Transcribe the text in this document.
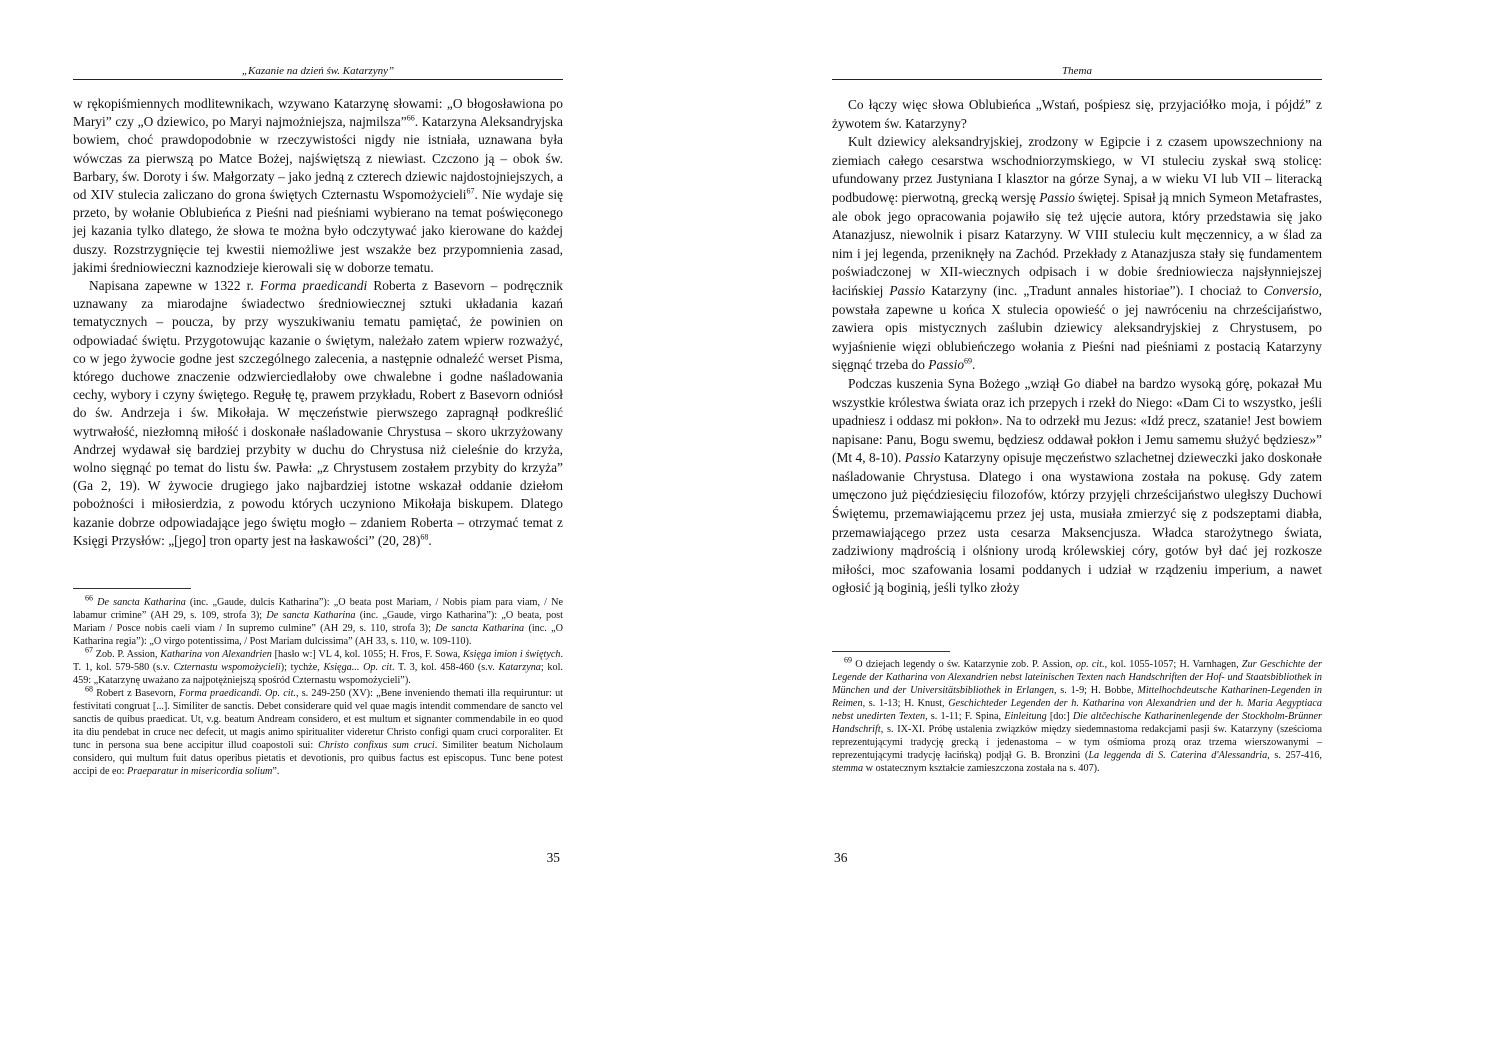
„Kazanie na dzień św. Katarzyny”

w rękopiśmiennych modlitewnikach, wzywano Katarzynę słowami: „O błogosławiona po Maryi” czy „O dziewico, po Maryi najmożniejsza, najmilsza”$^{66}$. Katarzyna Aleksandryjska bowiem, choć prawdopodobnie w rzeczywistości nigdy nie istniała, uznawana była wówczas za pierwszą po Matce Bożej, najświętszą z niewiast. Czczono ją – obok św. Barbary, św. Doroty i św. Małgorzaty – jako jedną z czterech dziewic najdostojniejszych, a od XIV stulecia zaliczano do grona świętych Czternastu Wspomożycieli$^{67}$. Nie wydaje się przeto, by wołanie Oblubieńca z Pieśni nad pieśniami wybierano na temat poświęconego jej kazania tylko dlatego, że słowa te można było odczytywać jako kierowane do każdej duszy. Rozstrzygnięcie tej kwestii niemożliwe jest wszakże bez przypomnienia zasad, jakimi średniowieczni kaznodzieje kierowali się w doborze tematu.

Napisana zapewne w 1322 r. Forma praedicandi Roberta z Basevorn – podręcznik uznawany za miarodajne świadectwo średniowiecznej sztuki układania kazań tematycznych – poucza, by przy wyszukiwaniu tematu pamiętać, że powinien on odpowiadać świętu. Przygotowując kazanie o świętym, należało zatem wpierw rozważyć, co w jego żywocie godne jest szczególnego zalecenia, a następnie odnaleźć werset Pisma, którego duchowe znaczenie odzwierciedlałoby owe chwalebne i godne naśladowania cechy, wybory i czyny świętego. Regułę tę, prawem przykładu, Robert z Basevorn odniósł do św. Andrzeja i św. Mikołaja. W męczeństwie pierwszego zapragnął podkreślić wytrwałość, niezłomną miłość i doskonałe naśladowanie Chrystusa – skoro ukrzyżowany Andrzej wydawał się bardziej przybity w duchu do Chrystusa niż cieleśnie do krzyża, wolno sięgnąć po temat do listu św. Pawła: „z Chrystusem zostałem przybity do krzyża” (Ga 2, 19). W żywocie drugiego jako najbardziej istotne wskazał oddanie dziełom pobożności i miłosierdzia, z powodu których uczyniono Mikołaja biskupem. Dlatego kazanie dobrze odpowiadające jego świętu mogło – zdaniem Roberta – otrzymać temat z Księgi Przysłów: „[jego] tron oparty jest na łaskawości” (20, 28)$^{68}$.

$^{66}$ De sancta Katharina (inc. „Gaude, dulcis Katharina”): „O beata post Mariam, / Nobis piam para viam, / Ne labamur crimine” (AH 29, s. 109, strofa 3); De sancta Katharina (inc. „Gaude, virgo Katharina”): „O beata, post Mariam / Posce nobis caeli viam / In supremo culmine” (AH 29, s. 110, strofa 3); De sancta Katharina (inc. „O Katharina regia”): „O virgo potentissima, / Post Mariam dulcissima” (AH 33, s. 110, w. 109-110).

$^{67}$ Zob. P. Assion, Katharina von Alexandrien [hasło w:] VL 4, kol. 1055; H. Fros, F. Sowa, Księga imion i świętych. T. 1, kol. 579-580 (s.v. Czternastu wspomożycieli); tychże, Księga... Op. cit. T. 3, kol. 458-460 (s.v. Katarzyna; kol. 459: „Katarzynę uważano za najpotężniejszą spośród Czternastu wspomożycieli”).

$^{68}$ Robert z Basevorn, Forma praedicandi. Op. cit., s. 249-250 (XV): „Bene inveniendo themati illa requiruntur: ut festivitati congruat [...]. Similiter de sanctis. Debet considerare quid vel quae magis intendit commendare de sancto vel sanctis de quibus praedicat. Ut, v.g. beatum Andream considero, et est multum et signanter commendabile in eo quod ita diu pendebat in cruce nec defecit, ut magis animo spiritualiter videretur Christo configi quam cruci corporaliter. Et tunc in persona sua bene accipitur illud coapostoli sui: Christo confixus sum cruci. Similiter beatum Nicholaum considero, qui multum fuit datus operibus pietatis et devotionis, pro quibus factus est episcopus. Tunc bene potest accipi de eo: Praeparatur in misericordia solium”.

35
Thema

Co łączy więc słowa Oblubieńca „Wstań, pośpiesz się, przyjaciółko moja, i pójdź” z żywotem św. Katarzyny?

Kult dziewicy aleksandryjskiej, zrodzony w Egipcie i z czasem upowszechniony na ziemiach całego cesarstwa wschodniorzymskiego, w VI stuleciu zyskał swą stolicę: ufundowany przez Justyniana I klasztor na górze Synaj, a w wieku VI lub VII – literacką podbudowę: pierwotną, grecką wersję Passio świętej. Spisał ją mnich Symeon Metafrastes, ale obok jego opracowania pojawiło się też ujęcie autora, który przedstawia się jako Atanazjusz, niewolnik i pisarz Katarzyny. W VIII stuleciu kult męczennicy, a w ślad za nim i jej legenda, przeniknęły na Zachód. Przekłady z Atanazjusza stały się fundamentem poświadczonej w XII-wiecznych odpisach i w dobie średniowiecza najsłynniejszej łacińskiej Passio Katarzyny (inc. „Tradunt annales historiae”). I chociaż to Conversio, powstała zapewne u końca X stulecia opowieść o jej nawróceniu na chrześcijaństwo, zawiera opis mistycznych zaślubin dziewicy aleksandryjskiej z Chrystusem, po wyjaśnienie więzi oblubieńczego wołania z Pieśni nad pieśniami z postacią Katarzyny sięgnąć trzeba do Passio$^{69}$.

Podczas kuszenia Syna Bożego „wziął Go diabeł na bardzo wysoką górę, pokazał Mu wszystkie królestwa świata oraz ich przepych i rzekł do Niego: «Dam Ci to wszystko, jeśli upadniesz i oddasz mi pokłon». Na to odrzekł mu Jezus: «Idź precz, szatanie! Jest bowiem napisane: Panu, Bogu swemu, będziesz oddawał pokłon i Jemu samemu służyć będziesz»” (Mt 4, 8-10). Passio Katarzyny opisuje męczeństwo szlachetnej dzieweczki jako doskonałe naśladowanie Chrystusa. Dlatego i ona wystawiona została na pokusę. Gdy zatem umęczono już pięćdziesięciu filozofów, którzy przyjęli chrześcijaństwo uległszy Duchowi Świętemu, przemawiającemu przez jej usta, musiała zmierzyć się z podszeptami diabła, przemawiającego przez usta cesarza Maksencjusza. Władca starożytnego świata, zadziwiony mądrością i olśniony urodą królewskiej córy, gotów był dać jej rozkosze miłości, moc szafowania losami poddanych i udział w rządzeniu imperium, a nawet ogłosić ją boginią, jeśli tylko złoży

$^{69}$ O dziejach legendy o św. Katarzynie zob. P. Assion, op. cit., kol. 1055-1057; H. Varnhagen, Zur Geschichte der Legende der Katharina von Alexandrien nebst lateinischen Texten nach Handschriften der Hof- und Staatsbibliothek in München und der Universitätsbibliothek in Erlangen, s. 1-9; H. Bobbe, Mittelhochdeutsche Katharinen-Legenden in Reimen, s. 1-13; H. Knust, Geschichteder Legenden der h. Katharina von Alexandrien und der h. Maria Aegyptiaca nebst unedirten Texten, s. 1-11; F. Spina, Einleitung [do:] Die altčechische Katharinenlegende der Stockholm-Brünner Handschrift, s. IX-XI. Próbę ustalenia związków między siedemnastoma redakcjami pasji św. Katarzyny (sześcioma reprezentującymi tradycję grecką i jedenastoma – w tym ośmioma prozą oraz trzema wierszowanymi – reprezentującymi tradycję łacińską) podjął G. B. Bronzini (La leggenda di S. Caterina d'Alessandria, s. 257-416, stemma w ostatecznym kształcie zamieszczona została na s. 407).

36
